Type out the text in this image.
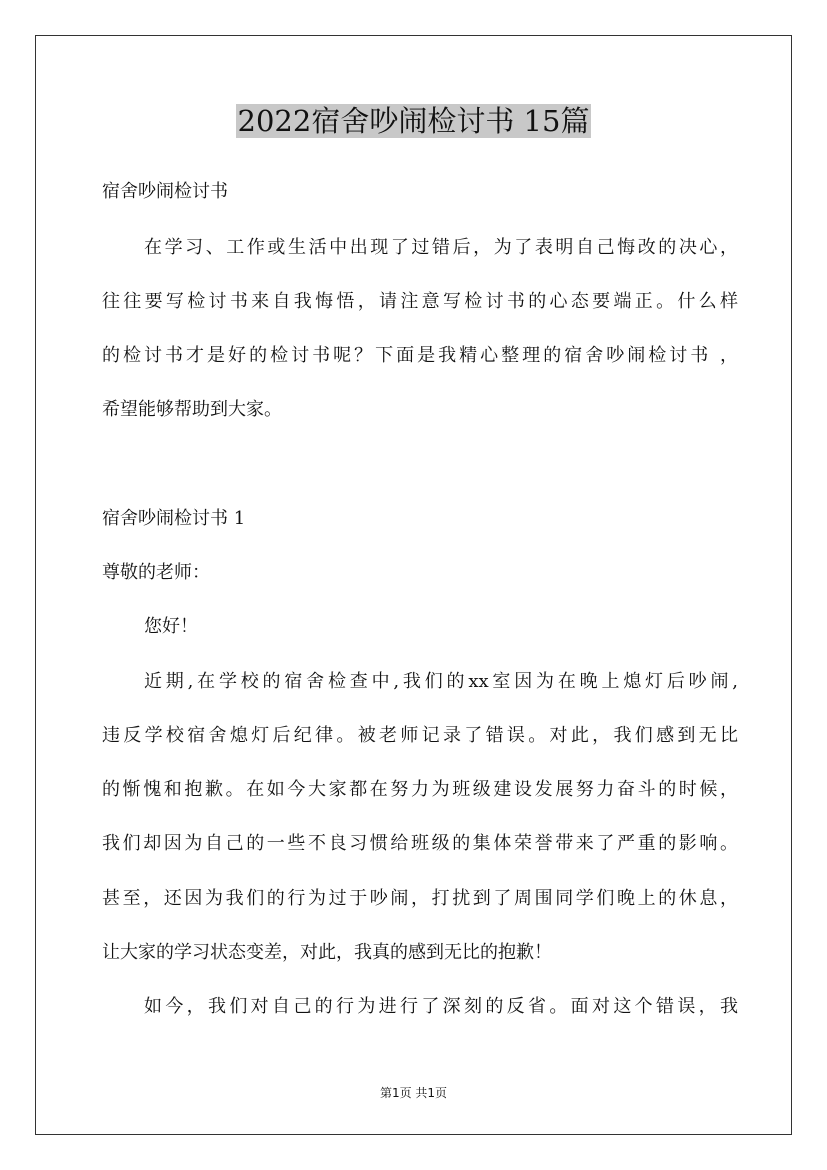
2022宿舍吵闹检讨书 15篇

宿舍吵闹检讨书

在学习、工作或生活中出现了过错后，为了表明自己悔改的决心，

往往要写检讨书来自我悔悟，请注意写检讨书的心态要端正。什么样

的检讨书才是好的检讨书呢？下面是我精心整理的宿舍吵闹检讨书 ，

希望能够帮助到大家。

宿舍吵闹检讨书 1

尊敬的老师：

您好！

近期,在学校的宿舍检查中,我们的xx室因为在晚上熄灯后吵闹,

违反学校宿舍熄灯后纪律。被老师记录了错误。对此，我们感到无比

的惭愧和抱歉。在如今大家都在努力为班级建设发展努力奋斗的时候，

我们却因为自己的一些不良习惯给班级的集体荣誉带来了严重的影响。

甚至，还因为我们的行为过于吵闹，打扰到了周围同学们晚上的休息，

让大家的学习状态变差，对此，我真的感到无比的抱歉！

如今，我们对自己的行为进行了深刻的反省。面对这个错误，我

第1页 共1页
